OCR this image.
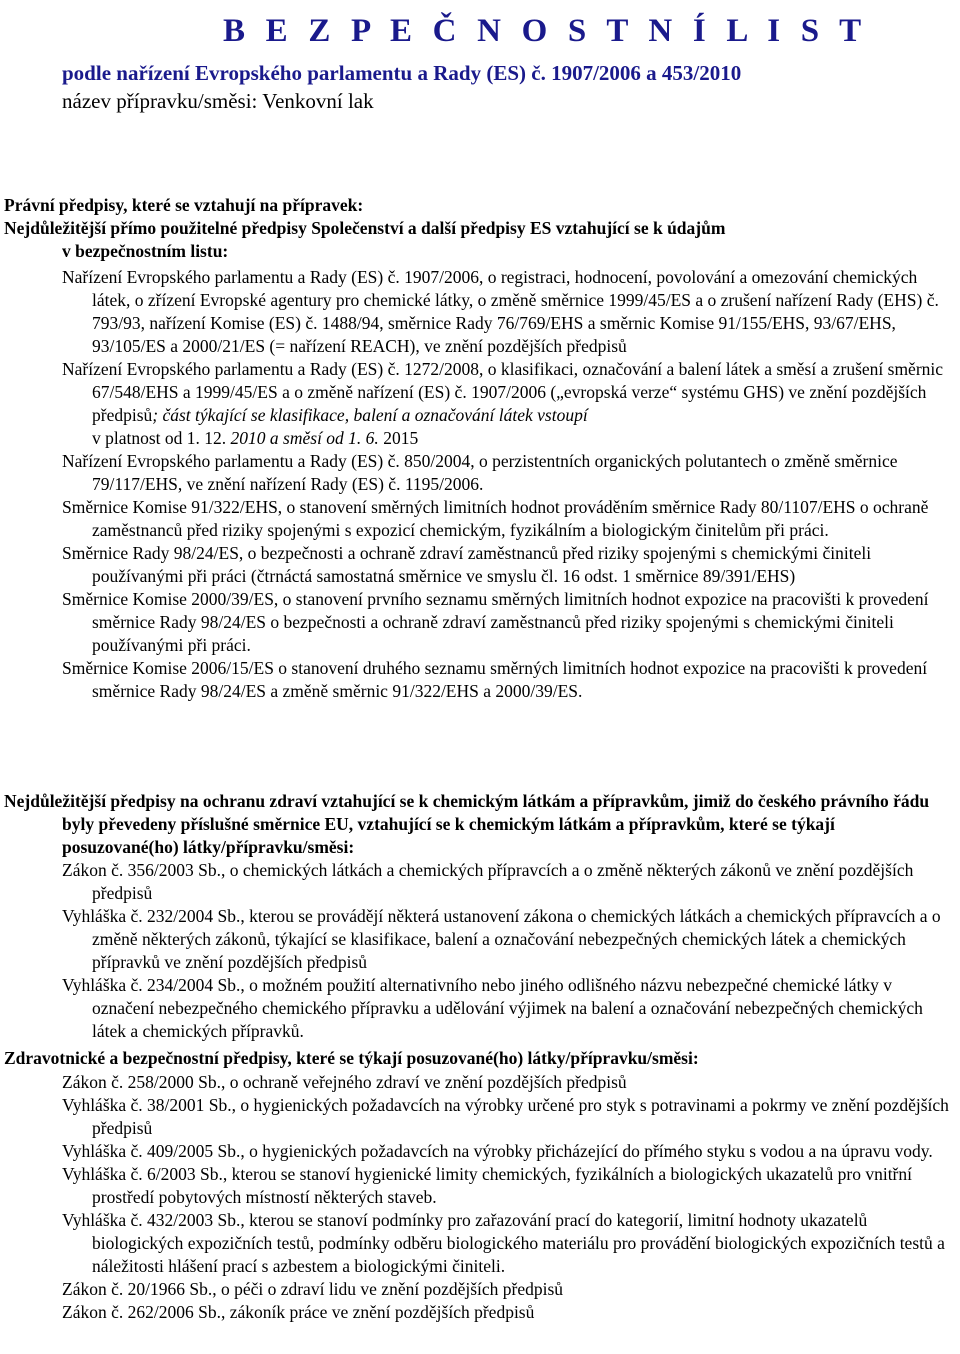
B E Z P E Č N O S T N Í L I S T
podle nařízení Evropského parlamentu a Rady (ES) č. 1907/2006 a 453/2010
název přípravku/směsi: Venkovní lak

Právní předpisy, které se vztahují na přípravek:

Nejdůležitější přímo použitelné předpisy Společenství a další předpisy ES vztahující se k údajům

v bezpečnostním listu:

Nařízení Evropského parlamentu a Rady (ES) č. 1907/2006, o registraci, hodnocení, povolování a omezování chemických látek, o zřízení Evropské agentury pro chemické látky, o změně směrnice 1999/45/ES a o zrušení nařízení Rady (EHS) č. 793/93, nařízení Komise (ES) č. 1488/94, směrnice Rady 76/769/EHS a směrnic Komise 91/155/EHS, 93/67/EHS, 93/105/ES a 2000/21/ES (= nařízení REACH), ve znění pozdějších předpisů

Nařízení Evropského parlamentu a Rady (ES) č. 1272/2008, o klasifikaci, označování a balení látek a směsí a zrušení směrnic 67/548/EHS a 1999/45/ES a o změně nařízení (ES) č. 1907/2006 („evropská verze“ systému GHS) ve znění pozdějších předpisů; část týkající se klasifikace, balení a označování látek vstoupí
v platnost od 1. 12. 2010 a směsí od 1. 6. 2015

Nařízení Evropského parlamentu a Rady (ES) č. 850/2004, o perzistentních organických polutantech o změně směrnice 79/117/EHS, ve znění nařízení Rady (ES) č. 1195/2006.

Směrnice Komise 91/322/EHS, o stanovení směrných limitních hodnot prováděním směrnice Rady 80/1107/EHS o ochraně zaměstnanců před riziky spojenými s expozicí chemickým, fyzikálním a biologickým činitelům při práci.

Směrnice Rady 98/24/ES, o bezpečnosti a ochraně zdraví zaměstnanců před riziky spojenými s chemickými činiteli používanými při práci (čtrnáctá samostatná směrnice ve smyslu čl. 16 odst. 1 směrnice 89/391/EHS)

Směrnice Komise 2000/39/ES, o stanovení prvního seznamu směrných limitních hodnot expozice na pracovišti k provedení směrnice Rady 98/24/ES o bezpečnosti a ochraně zdraví zaměstnanců před riziky spojenými s chemickými činiteli používanými při práci.

Směrnice Komise 2006/15/ES o stanovení druhého seznamu směrných limitních hodnot expozice na pracovišti k provedení směrnice Rady 98/24/ES a změně směrnic 91/322/EHS a 2000/39/ES.

Nejdůležitější předpisy na ochranu zdraví vztahující se k chemickým látkám a přípravkům, jimiž do českého právního řádu byly převedeny příslušné směrnice EU, vztahující se k chemickým látkám a přípravkům, které se týkají posuzované(ho) látky/přípravku/směsi:

Zákon č. 356/2003 Sb., o chemických látkách a chemických přípravcích a o změně některých zákonů ve znění pozdějších předpisů

Vyhláška č. 232/2004 Sb., kterou se provádějí některá ustanovení zákona o chemických látkách a chemických přípravcích a o změně některých zákonů, týkající se klasifikace, balení a označování nebezpečných chemických látek a chemických přípravků ve znění pozdějších předpisů

Vyhláška č. 234/2004 Sb., o možném použití alternativního nebo jiného odlišného názvu nebezpečné chemické látky v označení nebezpečného chemického přípravku a udělování výjimek na balení a označování nebezpečných chemických látek a chemických přípravků.

Zdravotnické a bezpečnostní předpisy, které se týkají posuzované(ho) látky/přípravku/směsi:

Zákon č. 258/2000 Sb., o ochraně veřejného zdraví ve znění pozdějších předpisů

Vyhláška č. 38/2001 Sb., o hygienických požadavcích na výrobky určené pro styk s potravinami a pokrmy ve znění pozdějších předpisů

Vyhláška č. 409/2005 Sb., o hygienických požadavcích na výrobky přicházející do přímého styku s vodou a na úpravu vody.

Vyhláška č. 6/2003 Sb., kterou se stanoví hygienické limity chemických, fyzikálních a biologických ukazatelů pro vnitřní prostředí pobytových místností některých staveb.

Vyhláška č. 432/2003 Sb., kterou se stanoví podmínky pro zařazování prací do kategorií, limitní hodnoty ukazatelů biologických expozičních testů, podmínky odběru biologického materiálu pro provádění biologických expozičních testů a náležitosti hlášení prací s azbestem a biologickými činiteli.

Zákon č. 20/1966 Sb., o péči o zdraví lidu ve znění pozdějších předpisů

Zákon č. 262/2006 Sb., zákoník práce ve znění pozdějších předpisů
